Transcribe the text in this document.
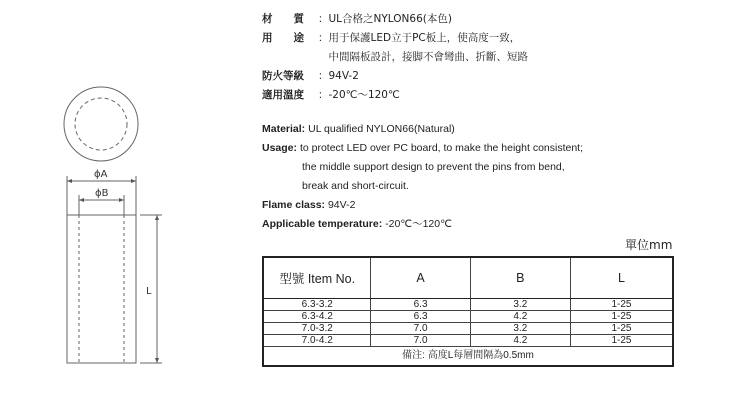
ϕA
ϕB
L
材　　質	： UL合格之NYLON66(本色)
用　　途	： 用于保護LED立于PC板上，使高度一致，
中間隔板設計，接脚不會彎曲、折斷、短路
防火等級	： 94V-2
適用溫度	： -20℃～120℃
Material: UL qualified NYLON66(Natural)
Usage: to protect LED over PC board, to make the height consistent;
the middle support design to prevent the pins from bend,
break and short-circuit.
Flame class: 94V-2
Applicable temperature: -20℃～120℃
單位mm
型號 Item No.	A	B	L
6.3-3.2	6.3	3.2	1-25
6.3-4.2	6.3	4.2	1-25
7.0-3.2	7.0	3.2	1-25
7.0-4.2	7.0	4.2	1-25
備注: 高度L每層間隔為0.5mm			
